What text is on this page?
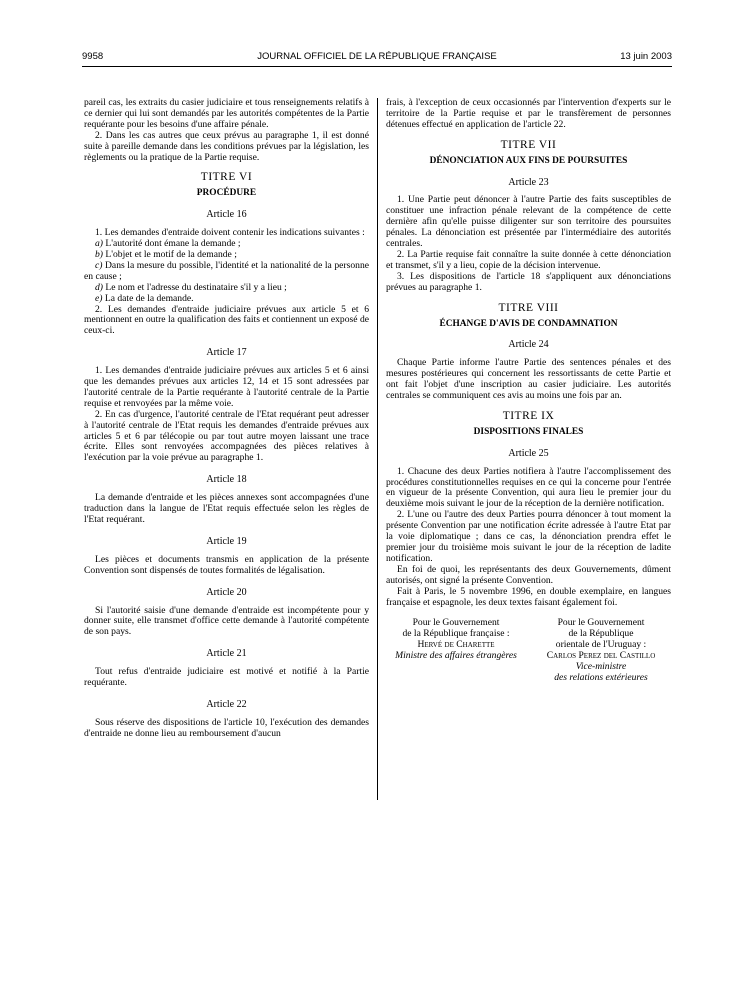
9958	JOURNAL OFFICIEL DE LA RÉPUBLIQUE FRANÇAISE	13 juin 2003

pareil cas, les extraits du casier judiciaire et tous renseignements relatifs à ce dernier qui lui sont demandés par les autorités compétentes de la Partie requérante pour les besoins d'une affaire pénale.

2. Dans les cas autres que ceux prévus au paragraphe 1, il est donné suite à pareille demande dans les conditions prévues par la législation, les règlements ou la pratique de la Partie requise.

TITRE VI
PROCÉDURE
Article 16

1. Les demandes d'entraide doivent contenir les indications suivantes :

a) L'autorité dont émane la demande ;

b) L'objet et le motif de la demande ;

c) Dans la mesure du possible, l'identité et la nationalité de la personne en cause ;

d) Le nom et l'adresse du destinataire s'il y a lieu ;

e) La date de la demande.

2. Les demandes d'entraide judiciaire prévues aux article 5 et 6 mentionnent en outre la qualification des faits et contiennent un exposé de ceux-ci.

Article 17

1. Les demandes d'entraide judiciaire prévues aux articles 5 et 6 ainsi que les demandes prévues aux articles 12, 14 et 15 sont adressées par l'autorité centrale de la Partie requérante à l'autorité centrale de la Partie requise et renvoyées par la même voie.

2. En cas d'urgence, l'autorité centrale de l'Etat requérant peut adresser à l'autorité centrale de l'Etat requis les demandes d'entraide prévues aux articles 5 et 6 par télécopie ou par tout autre moyen laissant une trace écrite. Elles sont renvoyées accompagnées des pièces relatives à l'exécution par la voie prévue au paragraphe 1.

Article 18

La demande d'entraide et les pièces annexes sont accompagnées d'une traduction dans la langue de l'Etat requis effectuée selon les règles de l'Etat requérant.

Article 19

Les pièces et documents transmis en application de la présente Convention sont dispensés de toutes formalités de légalisation.

Article 20

Si l'autorité saisie d'une demande d'entraide est incompétente pour y donner suite, elle transmet d'office cette demande à l'autorité compétente de son pays.

Article 21

Tout refus d'entraide judiciaire est motivé et notifié à la Partie requérante.

Article 22

Sous réserve des dispositions de l'article 10, l'exécution des demandes d'entraide ne donne lieu au remboursement d'aucun

frais, à l'exception de ceux occasionnés par l'intervention d'experts sur le territoire de la Partie requise et par le transfèrement de personnes détenues effectué en application de l'article 22.

TITRE VII
DÉNONCIATION AUX FINS DE POURSUITES
Article 23

1. Une Partie peut dénoncer à l'autre Partie des faits susceptibles de constituer une infraction pénale relevant de la compétence de cette dernière afin qu'elle puisse diligenter sur son territoire des poursuites pénales. La dénonciation est présentée par l'intermédiaire des autorités centrales.

2. La Partie requise fait connaître la suite donnée à cette dénonciation et transmet, s'il y a lieu, copie de la décision intervenue.

3. Les dispositions de l'article 18 s'appliquent aux dénonciations prévues au paragraphe 1.

TITRE VIII
ÉCHANGE D'AVIS DE CONDAMNATION
Article 24

Chaque Partie informe l'autre Partie des sentences pénales et des mesures postérieures qui concernent les ressortissants de cette Partie et ont fait l'objet d'une inscription au casier judiciaire. Les autorités centrales se communiquent ces avis au moins une fois par an.

TITRE IX
DISPOSITIONS FINALES
Article 25

1. Chacune des deux Parties notifiera à l'autre l'accomplissement des procédures constitutionnelles requises en ce qui la concerne pour l'entrée en vigueur de la présente Convention, qui aura lieu le premier jour du deuxième mois suivant le jour de la réception de la dernière notification.

2. L'une ou l'autre des deux Parties pourra dénoncer à tout moment la présente Convention par une notification écrite adressée à l'autre Etat par la voie diplomatique ; dans ce cas, la dénonciation prendra effet le premier jour du troisième mois suivant le jour de la réception de ladite notification.

En foi de quoi, les représentants des deux Gouvernements, dûment autorisés, ont signé la présente Convention.

Fait à Paris, le 5 novembre 1996, en double exemplaire, en langues française et espagnole, les deux textes faisant également foi.

Pour le Gouvernement
de la République française :
Hervé de Charette
Ministre des affaires étrangères
Pour le Gouvernement
de la République
orientale de l'Uruguay :
Carlos Perez del Castillo
Vice-ministre
des relations extérieures
